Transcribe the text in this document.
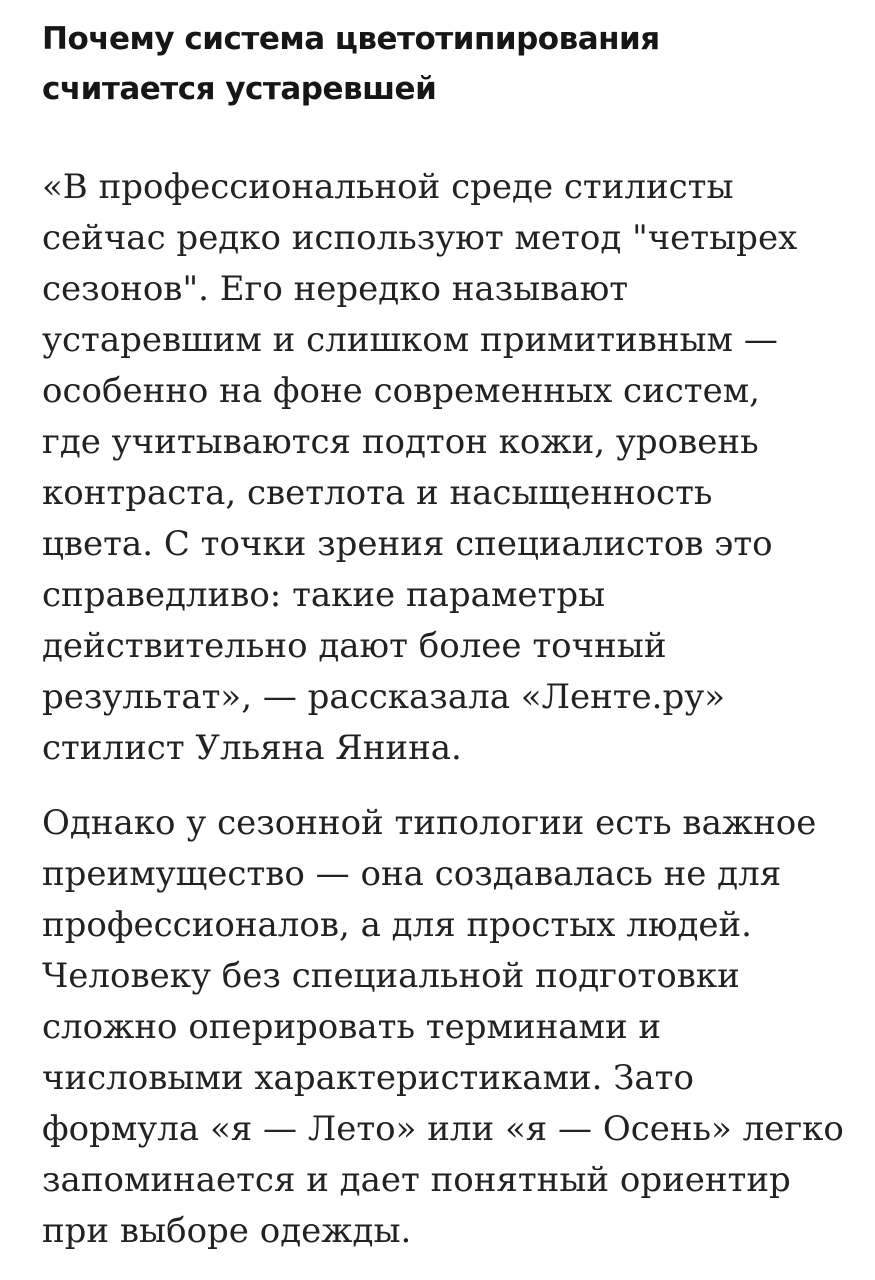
Почему система цветотипирования
считается устаревшей

«В профессиональной среде стилисты
сейчас редко используют метод "четырех
сезонов". Его нередко называют
устаревшим и слишком примитивным —
особенно на фоне современных систем,
где учитываются подтон кожи, уровень
контраста, светлота и насыщенность
цвета. С точки зрения специалистов это
справедливо: такие параметры
действительно дают более точный
результат», — рассказала «Ленте.ру»
стилист Ульяна Янина.

Однако у сезонной типологии есть важное
преимущество — она создавалась не для
профессионалов, а для простых людей.
Человеку без специальной подготовки
сложно оперировать терминами и
числовыми характеристиками. Зато
формула «я — Лето» или «я — Осень» легко
запоминается и дает понятный ориентир
при выборе одежды.
